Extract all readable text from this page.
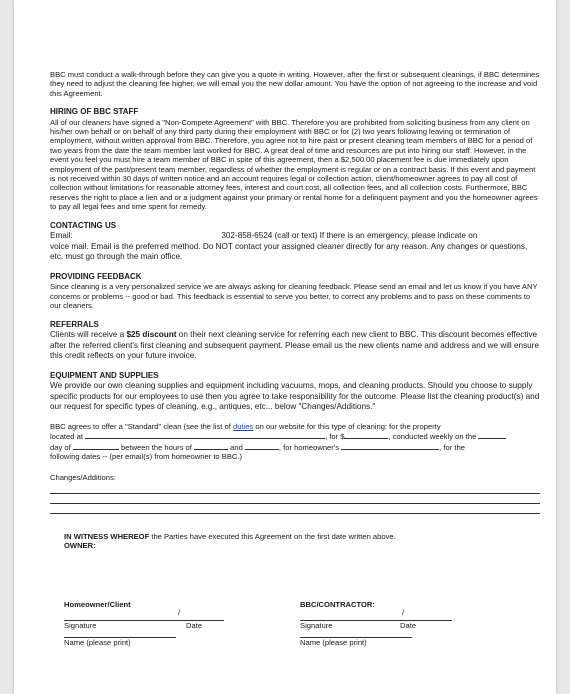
BBC must conduct a walk-through before they can give you a quote in writing. However, after the first or subsequent cleanings, if BBC determines they need to adjust the cleaning fee higher, we will email you the new dollar amount. You have the option of not agreeing to the increase and void this Agreement.

HIRING OF BBC STAFF

All of our cleaners have signed a "Non-Compete Agreement" with BBC. Therefore you are prohibited from soliciting business from any client on his/her own behalf or on behalf of any third party during their employment with BBC or for (2) two years following leaving or termination of employment, without written approval from BBC. Therefore, you agree not to hire past or present cleaning team members of BBC for a period of two years from the date the team member last worked for BBC. A great deal of time and resources are put into hiring our staff. However, in the event you feel you must hire a team member of BBC in spite of this agreement, then a $2,500.00 placement fee is due immediately upon employment of the past/present team member, regardless of whether the employment is regular or on a contract basis. If this event and payment is not received within 30 days of written notice and an account requires legal or collection action, client/homeowner agrees to pay all cost of collection without limitations for reasonable attorney fees, interest and court cost, all collection fees, and all collection costs. Furthermore, BBC reserves the right to place a lien and or a judgment against your primary or rental home for a delinquent payment and you the homeowner agrees to pay all legal fees and time spent for remedy.

CONTACTING US

Email:	302-858-6524 (call or text) If there is an emergency, please indicate on

voice mail. Email is the preferred method. Do NOT contact your assigned cleaner directly for any reason. Any changes or questions, etc. must go through the main office.

PROVIDING FEEDBACK

Since cleaning is a very personalized service we are always asking for cleaning feedback. Please send an email and let us know if you have ANY concerns or problems -- good or bad. This feedback is essential to serve you better, to correct any problems and to pass on these comments to our cleaners.

REFERRALS

Clients will receive a $25 discount on their next cleaning service for referring each new client to BBC. This discount becomes effective after the referred client's first cleaning and subsequent payment. Please email us the new clients name and address and we will ensure this credit reflects on your future invoice.

EQUIPMENT AND SUPPLIES

We provide our own cleaning supplies and equipment including vacuums, mops, and cleaning products. Should you choose to supply specific products for our employees to use then you agree to take responsibility for the outcome. Please list the cleaning product(s) and our request for specific types of cleaning, e.g., antiques, etc... below "Changes/Additions."

BBC agrees to offer a "Standard" clean (see the list of duties on our website for this type of cleaning: for the property

located at	, for $	, conducted weekly on the

day of	between the hours of	and	, for homeowner's	, for the

following dates -- (per email(s) from homeowner to BBC.)

Changes/Additions:

IN WITNESS WHEREOF the Parties have executed this Agreement on the first date written above.

OWNER:

Homeowner/Client	BBC/CONTRACTOR:
/	/
Signature	Date	Signature	Date
Name (please print)	Name (please print)
